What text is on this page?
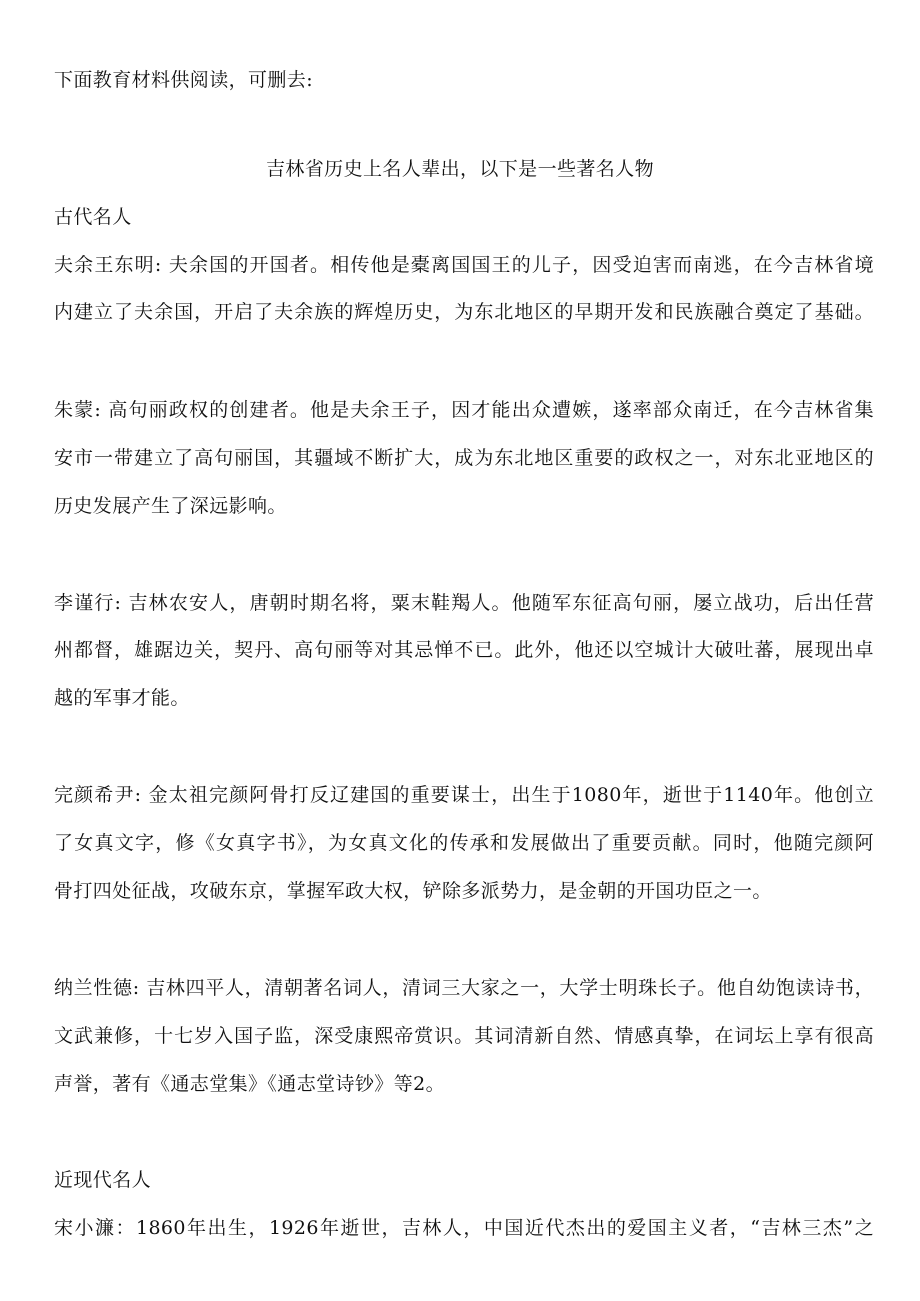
下面教育材料供阅读，可删去:
吉林省历史上名人辈出，以下是一些著名人物
古代名人
夫余王东明: 夫余国的开国者。相传他是橐离国国王的儿子，因受迫害而南逃，在今吉林省境
内建立了夫余国，开启了夫余族的辉煌历史，为东北地区的早期开发和民族融合奠定了基础。
朱蒙: 高句丽政权的创建者。他是夫余王子，因才能出众遭嫉，遂率部众南迁，在今吉林省集
安市一带建立了高句丽国，其疆域不断扩大，成为东北地区重要的政权之一，对东北亚地区的
历史发展产生了深远影响。
李谨行: 吉林农安人，唐朝时期名将，粟末鞋羯人。他随军东征高句丽，屡立战功，后出任营
州都督，雄踞边关，契丹、高句丽等对其忌惮不已。此外，他还以空城计大破吐蕃，展现出卓
越的军事才能。
完颜希尹: 金太祖完颜阿骨打反辽建国的重要谋士，出生于1080年，逝世于1140年。他创立
了女真文字，修《女真字书》，为女真文化的传承和发展做出了重要贡献。同时，他随完颜阿
骨打四处征战，攻破东京，掌握军政大权，铲除多派势力，是金朝的开国功臣之一。
纳兰性德: 吉林四平人，清朝著名词人，清词三大家之一，大学士明珠长子。他自幼饱读诗书，
文武兼修，十七岁入国子监，深受康熙帝赏识。其词清新自然、情感真挚，在词坛上享有很高
声誉，著有《通志堂集》《通志堂诗钞》等2。
近现代名人
宋小濂：1860年出生，1926年逝世，吉林人，中国近代杰出的爱国主义者，“吉林三杰”之
